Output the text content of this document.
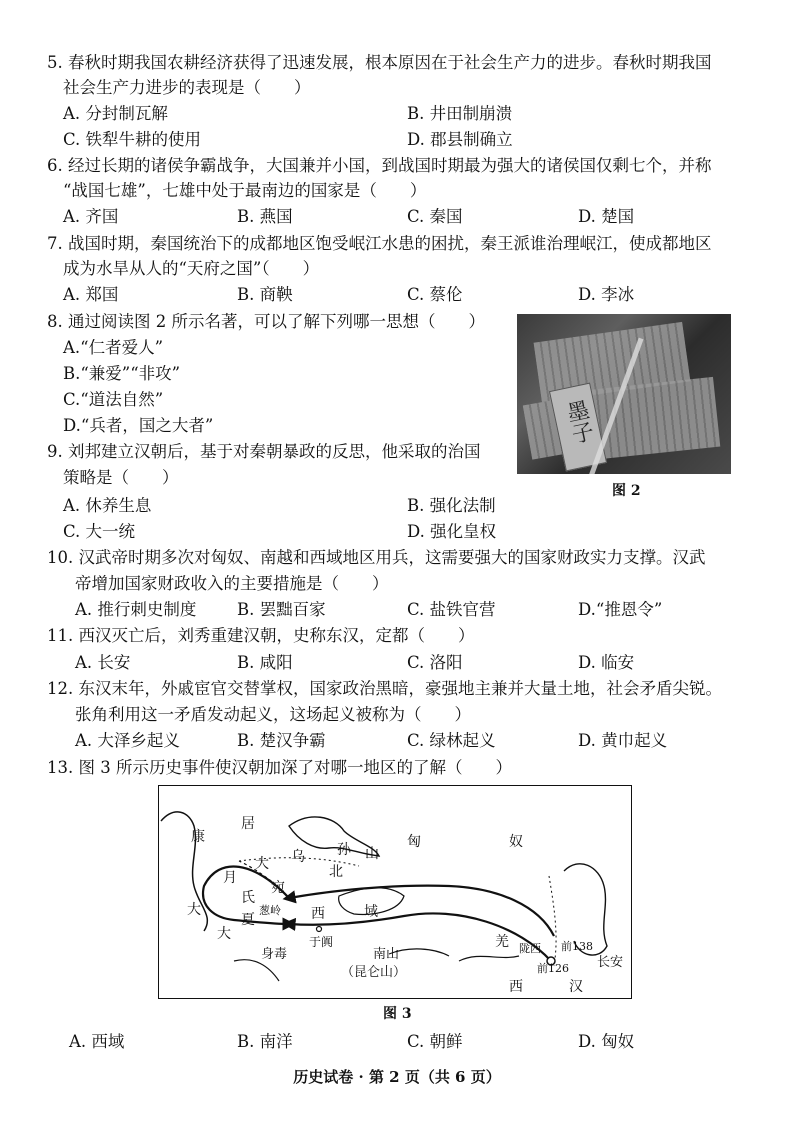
5. 春秋时期我国农耕经济获得了迅速发展，根本原因在于社会生产力的进步。春秋时期我国
社会生产力进步的表现是（　　）
A. 分封制瓦解	B. 井田制崩溃
C. 铁犁牛耕的使用	D. 郡县制确立
6. 经过长期的诸侯争霸战争，大国兼并小国，到战国时期最为强大的诸侯国仅剩七个，并称
“战国七雄”，七雄中处于最南边的国家是（　　）
A. 齐国	B. 燕国	C. 秦国	D. 楚国
7. 战国时期，秦国统治下的成都地区饱受岷江水患的困扰，秦王派谁治理岷江，使成都地区
成为水旱从人的“天府之国”（　　）
A. 郑国	B. 商鞅	C. 蔡伦	D. 李冰
8. 通过阅读图 2 所示名著，可以了解下列哪一思想（　　）
A.“仁者爱人”
B.“兼爱”“非攻”
C.“道法自然”
D.“兵者，国之大者”	墨子
图 2
9. 刘邦建立汉朝后，基于对秦朝暴政的反思，他采取的治国
策略是（　　）
A. 休养生息	B. 强化法制
C. 大一统	D. 强化皇权
10. 汉武帝时期多次对匈奴、南越和西域地区用兵，这需要强大的国家财政实力支撑。汉武
帝增加国家财政收入的主要措施是（　　）
A. 推行刺史制度 B. 罢黜百家	C. 盐铁官营	D.“推恩令”
11. 西汉灭亡后，刘秀重建汉朝，史称东汉，定都（　　）
A. 长安	B. 咸阳	C. 洛阳	D. 临安
12. 东汉末年，外戚宦官交替掌权，国家政治黑暗，豪强地主兼并大量土地，社会矛盾尖锐。
张角利用这一矛盾发动起义，这场起义被称为（　　）
A. 大泽乡起义	B. 楚汉争霸	C. 绿林起义	D. 黄巾起义
13. 图 3 所示历史事件使汉朝加深了对哪一地区的了解（　　）
康
居
匈	奴
孙 山
乌
大	北
宛
月
氏
夏
葱岭
大
大
西	域
于阗
身毒	南山
（昆仑山）
羌 陇西 前138
前126 长安
西	汉
图 3
A. 西域	B. 南洋	C. 朝鲜	D. 匈奴
历史试卷 · 第 2 页（共 6 页）
